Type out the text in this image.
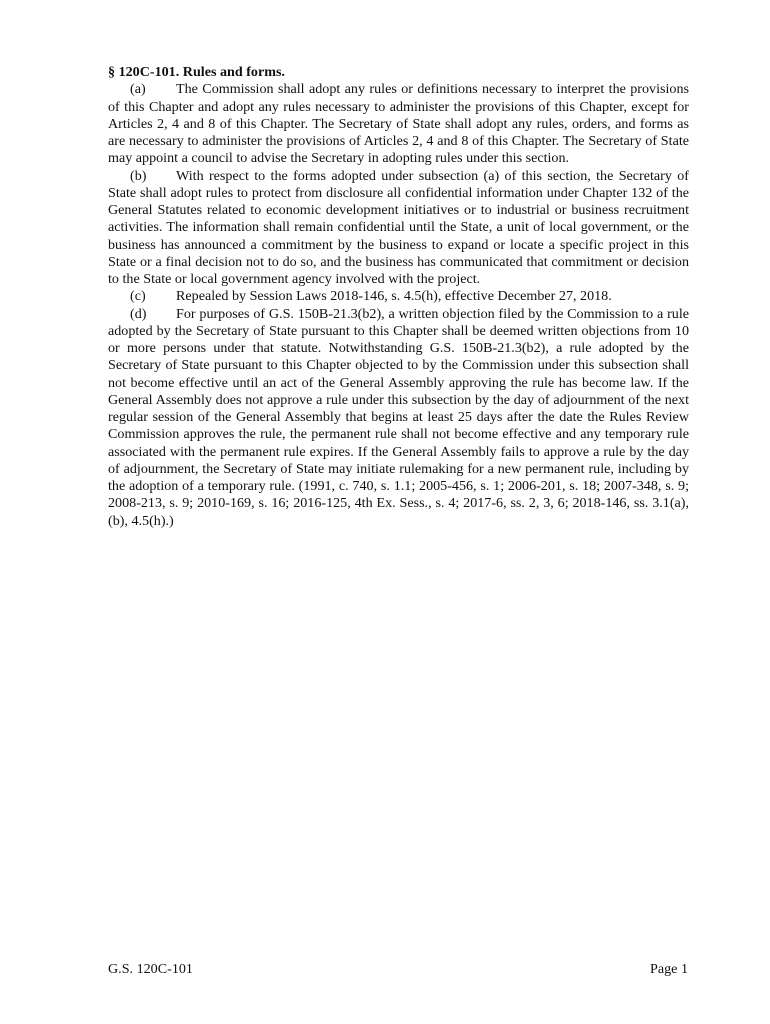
§ 120C-101. Rules and forms.

(a) The Commission shall adopt any rules or definitions necessary to interpret the provisions of this Chapter and adopt any rules necessary to administer the provisions of this Chapter, except for Articles 2, 4 and 8 of this Chapter. The Secretary of State shall adopt any rules, orders, and forms as are necessary to administer the provisions of Articles 2, 4 and 8 of this Chapter. The Secretary of State may appoint a council to advise the Secretary in adopting rules under this section.

(b) With respect to the forms adopted under subsection (a) of this section, the Secretary of State shall adopt rules to protect from disclosure all confidential information under Chapter 132 of the General Statutes related to economic development initiatives or to industrial or business recruitment activities. The information shall remain confidential until the State, a unit of local government, or the business has announced a commitment by the business to expand or locate a specific project in this State or a final decision not to do so, and the business has communicated that commitment or decision to the State or local government agency involved with the project.

(c) Repealed by Session Laws 2018-146, s. 4.5(h), effective December 27, 2018.

(d) For purposes of G.S. 150B-21.3(b2), a written objection filed by the Commission to a rule adopted by the Secretary of State pursuant to this Chapter shall be deemed written objections from 10 or more persons under that statute. Notwithstanding G.S. 150B-21.3(b2), a rule adopted by the Secretary of State pursuant to this Chapter objected to by the Commission under this subsection shall not become effective until an act of the General Assembly approving the rule has become law. If the General Assembly does not approve a rule under this subsection by the day of adjournment of the next regular session of the General Assembly that begins at least 25 days after the date the Rules Review Commission approves the rule, the permanent rule shall not become effective and any temporary rule associated with the permanent rule expires. If the General Assembly fails to approve a rule by the day of adjournment, the Secretary of State may initiate rulemaking for a new permanent rule, including by the adoption of a temporary rule. (1991, c. 740, s. 1.1; 2005-456, s. 1; 2006-201, s. 18; 2007-348, s. 9; 2008-213, s. 9; 2010-169, s. 16; 2016-125, 4th Ex. Sess., s. 4; 2017-6, ss. 2, 3, 6; 2018-146, ss. 3.1(a), (b), 4.5(h).)

G.S. 120C-101	Page 1
